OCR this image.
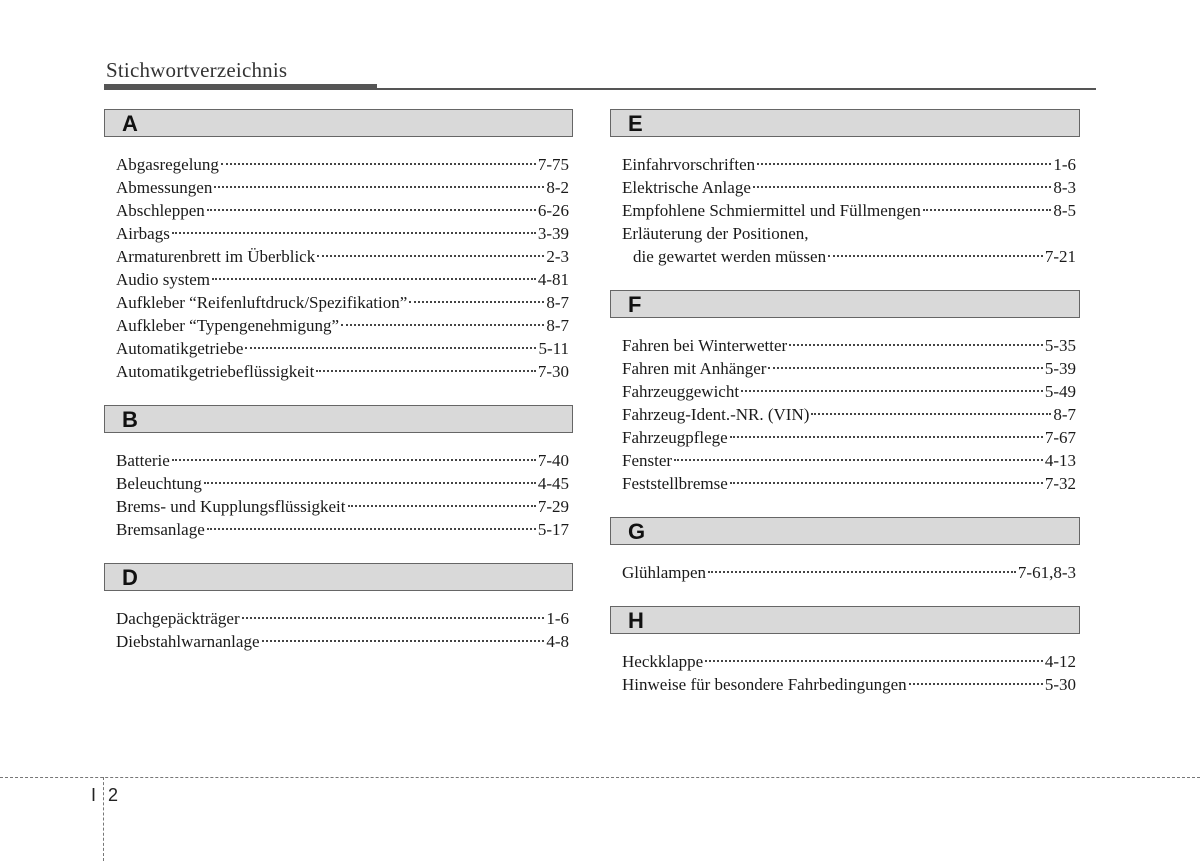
Stichwortverzeichnis
A
Abgasregelung	7-75
Abmessungen	8-2
Abschleppen	6-26
Airbags	3-39
Armaturenbrett im Überblick	2-3
Audio system	4-81
Aufkleber “Reifenluftdruck/Spezifikation”	8-7
Aufkleber “Typengenehmigung”	8-7
Automatikgetriebe	5-11
Automatikgetriebeflüssigkeit	7-30
B
Batterie	7-40
Beleuchtung	4-45
Brems- und Kupplungsflüssigkeit	7-29
Bremsanlage	5-17
D
Dachgepäckträger	1-6
Diebstahlwarnanlage	4-8
E
Einfahrvorschriften	1-6
Elektrische Anlage	8-3
Empfohlene Schmiermittel und Füllmengen	8-5
Erläuterung der Positionen,
die gewartet werden müssen	7-21
F
Fahren bei Winterwetter	5-35
Fahren mit Anhänger	5-39
Fahrzeuggewicht	5-49
Fahrzeug-Ident.-NR. (VIN)	8-7
Fahrzeugpflege	7-67
Fenster	4-13
Feststellbremse	7-32
G
Glühlampen	7-61,8-3
H
Heckklappe	4-12
Hinweise für besondere Fahrbedingungen	5-30
I 2
